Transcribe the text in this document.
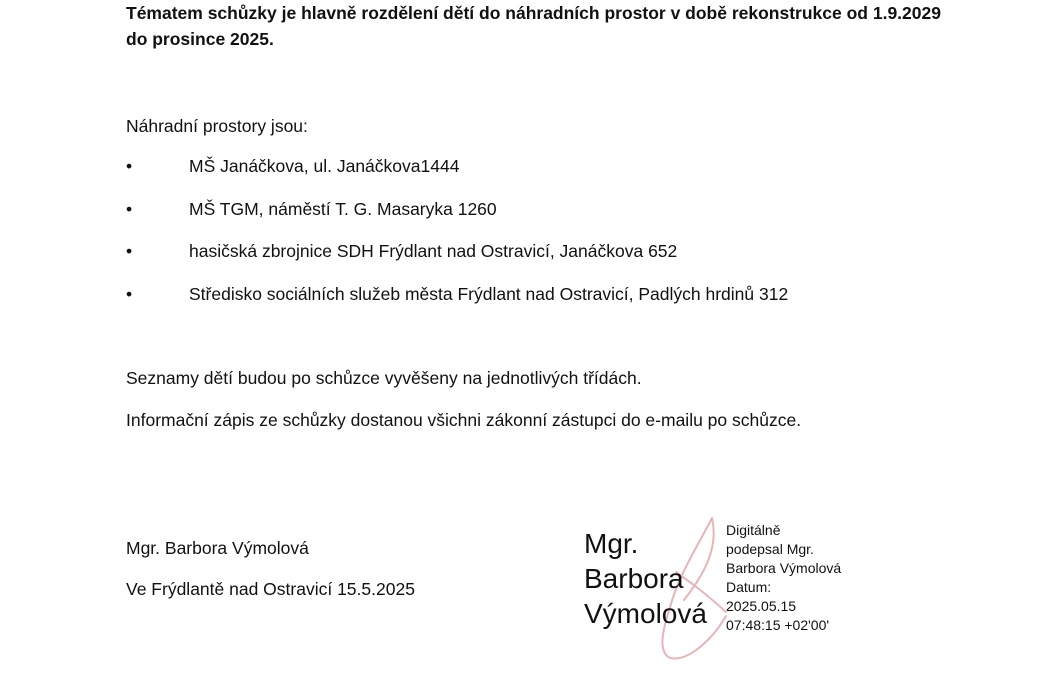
Tématem schůzky je hlavně rozdělení dětí do náhradních prostor v době rekonstrukce od 1.9.2029 do prosince 2025.

Náhradní prostory jsou:

•	MŠ Janáčkova, ul. Janáčkova1444
•	MŠ TGM, náměstí T. G. Masaryka 1260
•	hasičská zbrojnice SDH Frýdlant nad Ostravicí, Janáčkova 652
•	Středisko sociálních služeb města Frýdlant nad Ostravicí, Padlých hrdinů 312

Seznamy dětí budou po schůzce vyvěšeny na jednotlivých třídách.

Informační zápis ze schůzky dostanou všichni zákonní zástupci do e-mailu po schůzce.

Mgr. Barbora Výmolová

Ve Frýdlantě nad Ostravicí 15.5.2025

Mgr.
Barbora
Výmolová
Digitálně
podepsal Mgr.
Barbora Výmolová
Datum:
2025.05.15
07:48:15 +02'00'
